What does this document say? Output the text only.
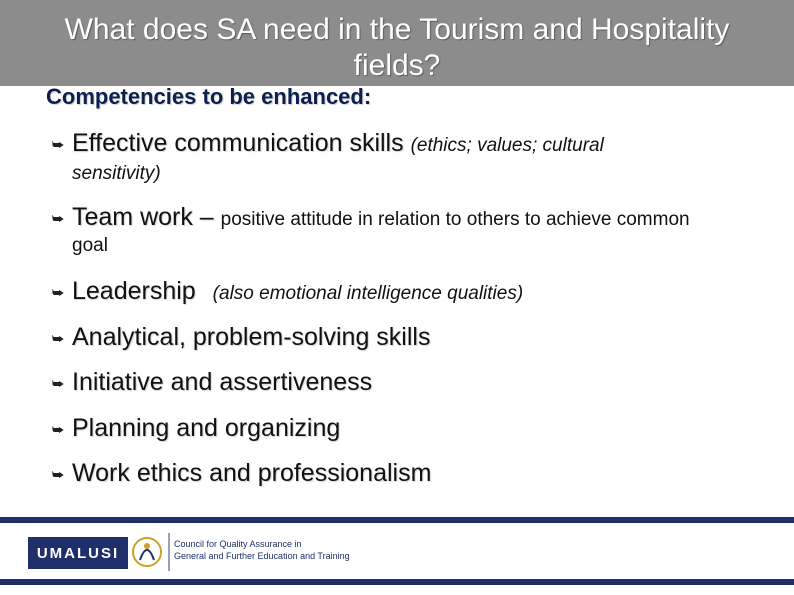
What does SA need in the Tourism and Hospitality
fields?
Competencies to be enhanced:
⮩ Effective communication skills (ethics; values; cultural
sensitivity)
⮩ Team work – positive attitude in relation to others to achieve common
goal
⮩ Leadership (also emotional intelligence qualities)
⮩ Analytical, problem-solving skills
⮩ Initiative and assertiveness
⮩ Planning and organizing
⮩ Work ethics and professionalism
UMALUSI
Council for Quality Assurance in
General and Further Education and Training
